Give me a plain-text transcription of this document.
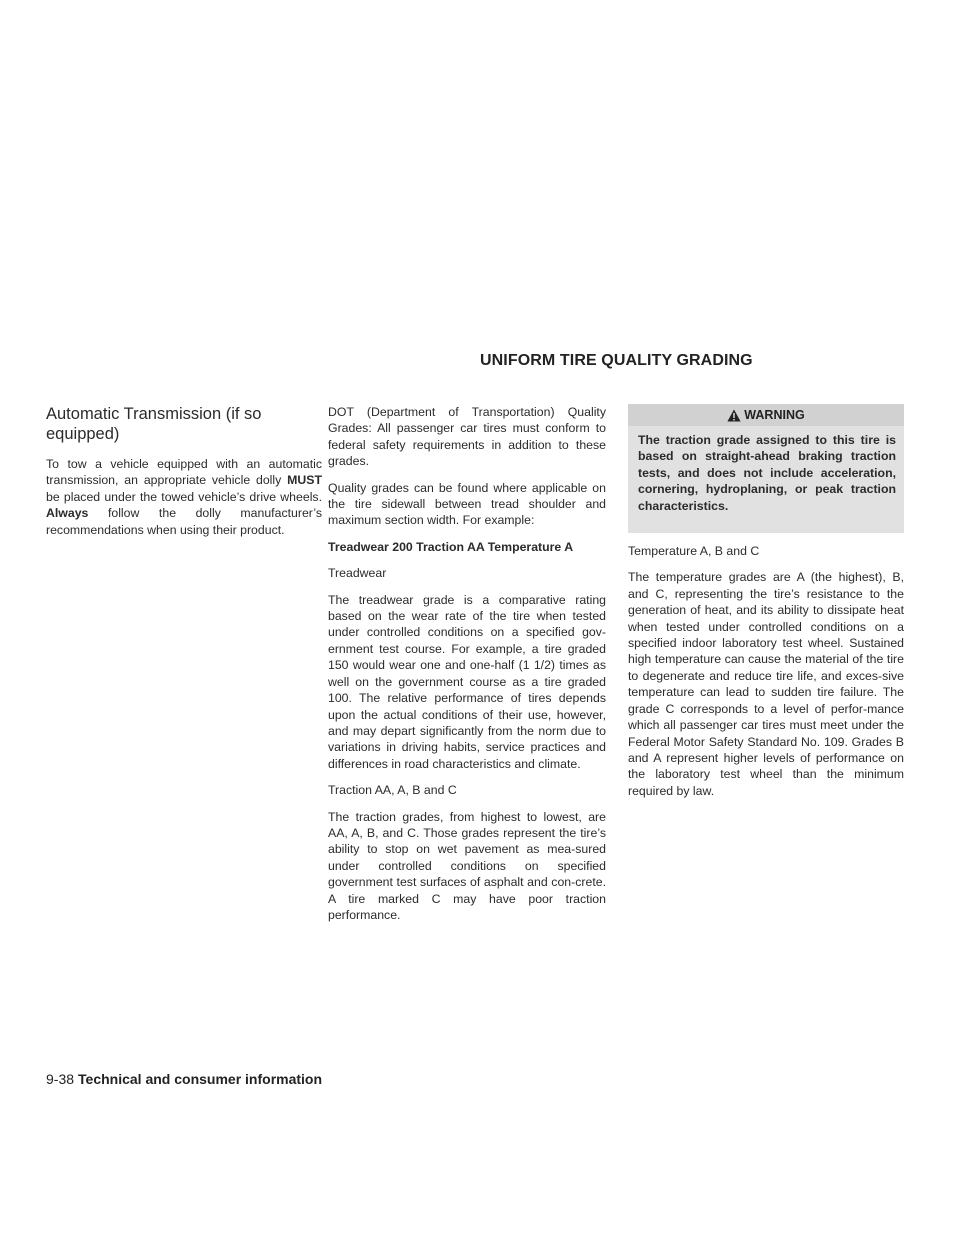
UNIFORM TIRE QUALITY GRADING
Automatic Transmission (if so equipped)

To tow a vehicle equipped with an automatic transmission, an appropriate vehicle dolly MUST be placed under the towed vehicle’s drive wheels. Always follow the dolly manufacturer’s recommendations when using their product.

DOT (Department of Transportation) Quality Grades: All passenger car tires must conform to federal safety requirements in addition to these grades.

Quality grades can be found where applicable on the tire sidewall between tread shoulder and maximum section width. For example:

Treadwear 200 Traction AA Temperature A

Treadwear

The treadwear grade is a comparative rating based on the wear rate of the tire when tested under controlled conditions on a specified gov-ernment test course. For example, a tire graded 150 would wear one and one-half (1 1/2) times as well on the government course as a tire graded 100. The relative performance of tires depends upon the actual conditions of their use, however, and may depart significantly from the norm due to variations in driving habits, service practices and differences in road characteristics and climate.

Traction AA, A, B and C

The traction grades, from highest to lowest, are AA, A, B, and C. Those grades represent the tire’s ability to stop on wet pavement as mea-sured under controlled conditions on specified government test surfaces of asphalt and con-crete. A tire marked C may have poor traction performance.

WARNING

The traction grade assigned to this tire is based on straight-ahead braking traction tests, and does not include acceleration, cornering, hydroplaning, or peak traction characteristics.

Temperature A, B and C

The temperature grades are A (the highest), B, and C, representing the tire’s resistance to the generation of heat, and its ability to dissipate heat when tested under controlled conditions on a specified indoor laboratory test wheel. Sustained high temperature can cause the material of the tire to degenerate and reduce tire life, and exces-sive temperature can lead to sudden tire failure. The grade C corresponds to a level of perfor-mance which all passenger car tires must meet under the Federal Motor Safety Standard No. 109. Grades B and A represent higher levels of performance on the laboratory test wheel than the minimum required by law.

9-38 Technical and consumer information
